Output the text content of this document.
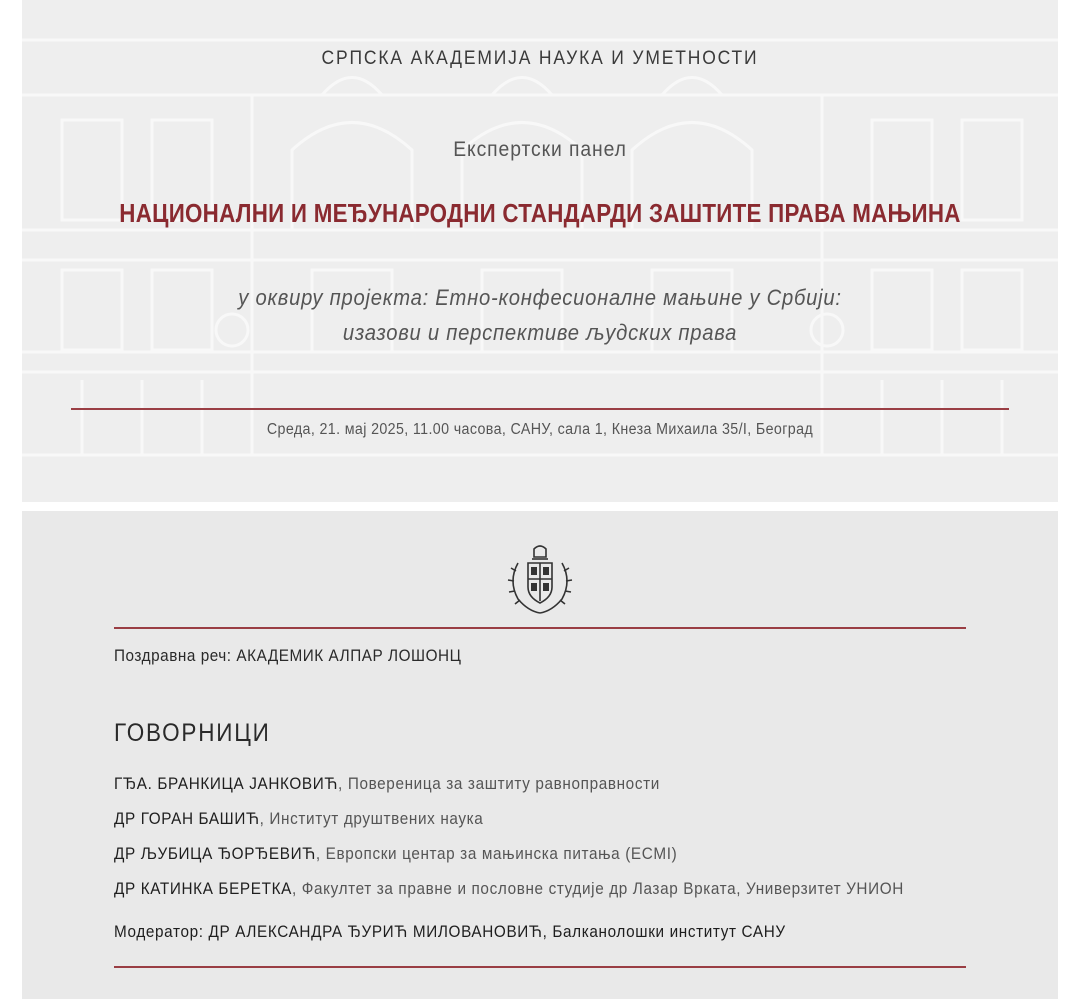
СРПСКА АКАДЕМИЈА НАУКА И УМЕТНОСТИ
Експертски панел
НАЦИОНАЛНИ И МЕЂУНАРОДНИ СТАНДАРДИ ЗАШТИТЕ ПРАВА МАЊИНА
у оквиру пројекта: Етно-конфесионалне мањине у Србији:
изазови и перспективе људских права
Среда, 21. мај 2025, 11.00 часова, САНУ, сала 1, Кнеза Михаила 35/I, Београд
Поздравна реч: АКАДЕМИК АЛПАР ЛОШОНЦ
ГОВОРНИЦИ
ГЂА. БРАНКИЦА ЈАНКОВИЋ, Повереница за заштиту равноправности
ДР ГОРАН БАШИЋ, Институт друштвених наука
ДР ЉУБИЦА ЂОРЂЕВИЋ, Европски центар за мањинска питања (ECMI)
ДР КАТИНКА БЕРЕТКА, Факултет за правне и пословне студије др Лазар Врката, Универзитет УНИОН
Модератор: ДР АЛЕКСАНДРА ЂУРИЋ МИЛОВАНОВИЋ, Балканолошки институт САНУ
